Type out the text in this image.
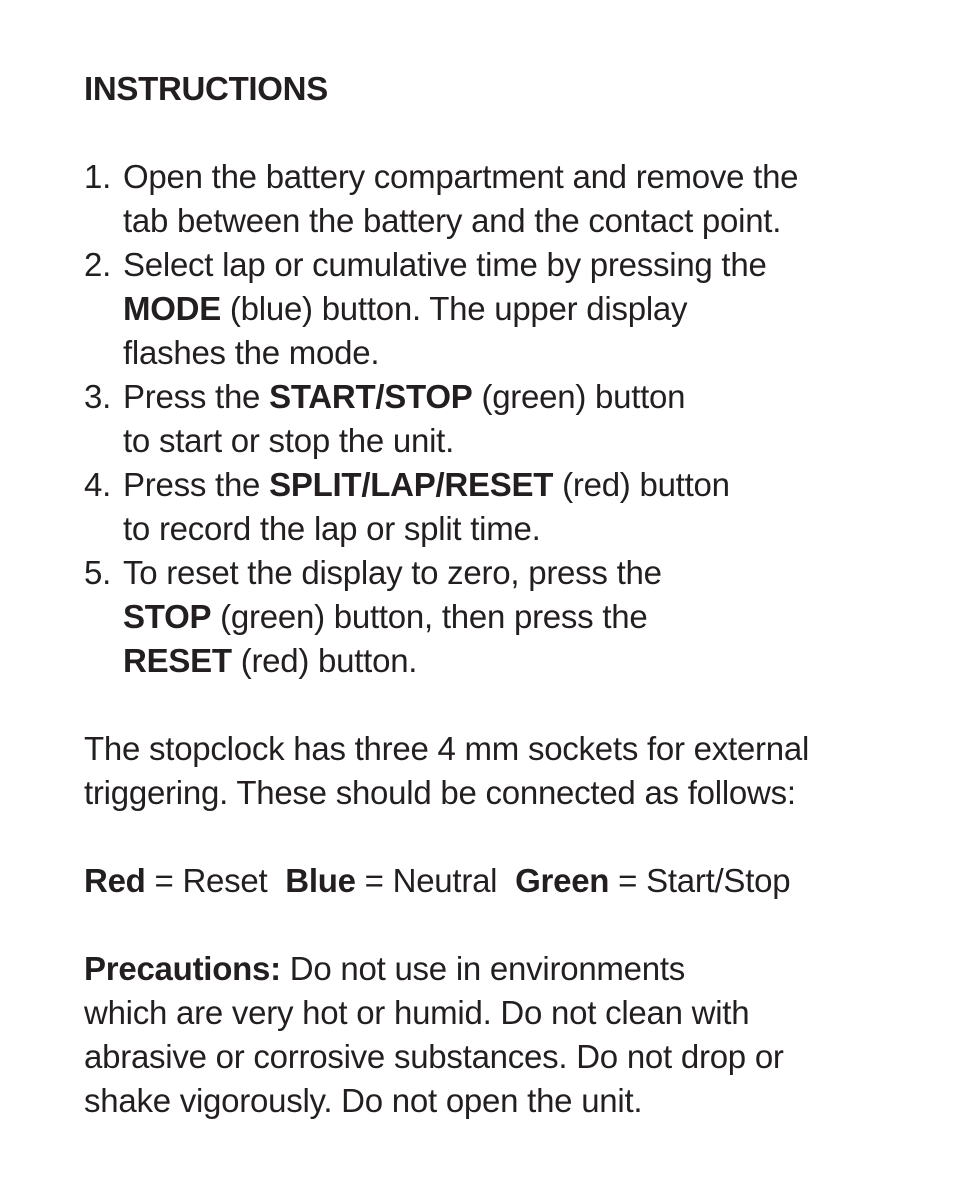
INSTRUCTIONS
1. Open the battery compartment and remove the
tab between the battery and the contact point.
2. Select lap or cumulative time by pressing the
MODE (blue) button. The upper display
flashes the mode.
3. Press the START/STOP (green) button
to start or stop the unit.
4. Press the SPLIT/LAP/RESET (red) button
to record the lap or split time.
5. To reset the display to zero, press the
STOP (green) button, then press the
RESET (red) button.

The stopclock has three 4 mm sockets for external
triggering. These should be connected as follows:

Red = Reset  Blue = Neutral  Green = Start/Stop

Precautions: Do not use in environments
which are very hot or humid. Do not clean with
abrasive or corrosive substances. Do not drop or
shake vigorously. Do not open the unit.
